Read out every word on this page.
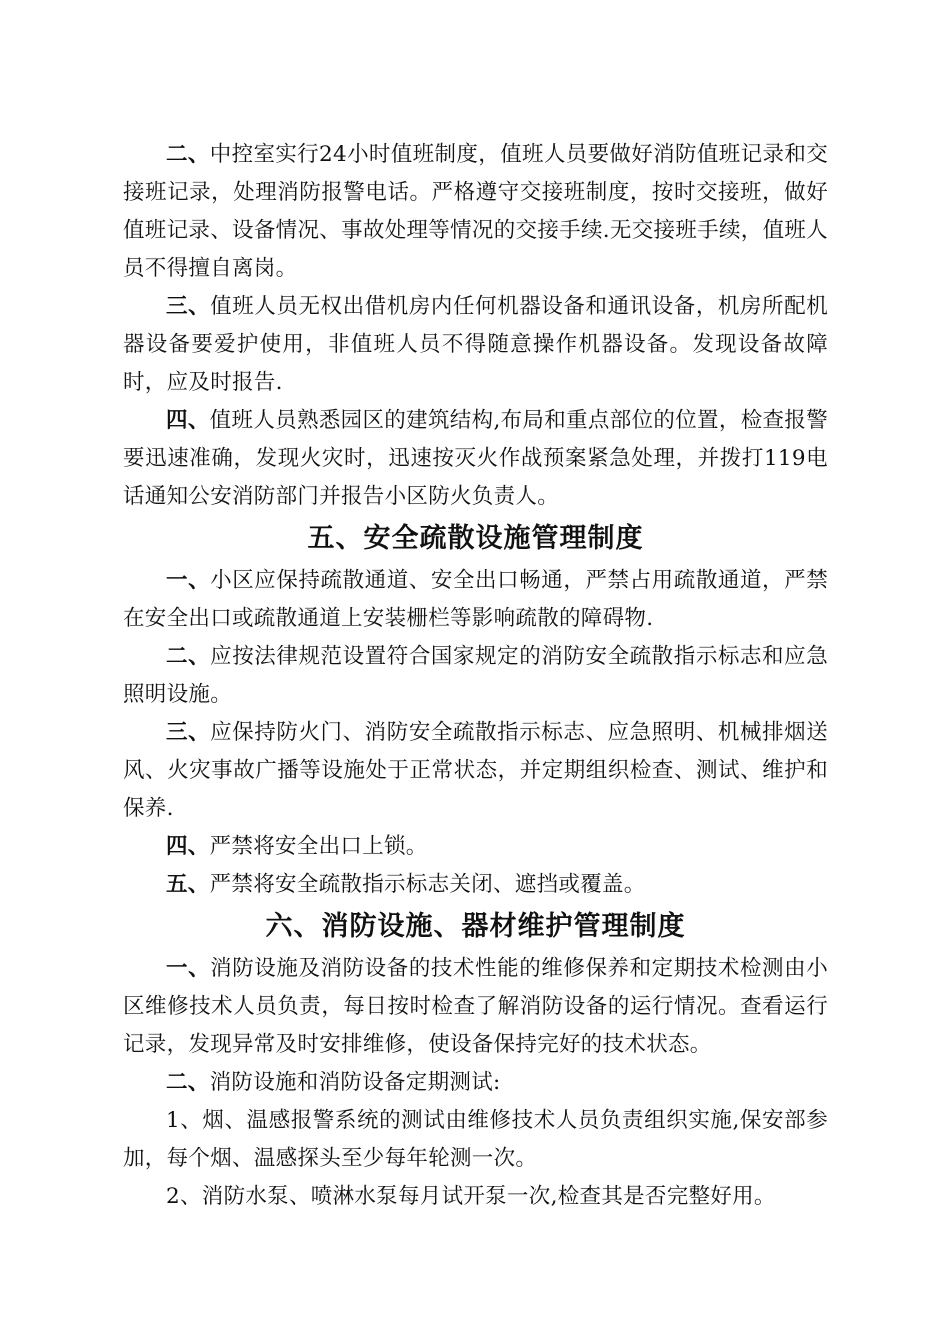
二、中控室实行24小时值班制度，值班人员要做好消防值班记录和交接班记录，处理消防报警电话。严格遵守交接班制度，按时交接班，做好值班记录、设备情况、事故处理等情况的交接手续.无交接班手续，值班人员不得擅自离岗。

三、值班人员无权出借机房内任何机器设备和通讯设备，机房所配机器设备要爱护使用，非值班人员不得随意操作机器设备。发现设备故障时，应及时报告.

四、值班人员熟悉园区的建筑结构,布局和重点部位的位置，检查报警要迅速准确，发现火灾时，迅速按灭火作战预案紧急处理，并拨打119电话通知公安消防部门并报告小区防火负责人。

五、安全疏散设施管理制度

一、小区应保持疏散通道、安全出口畅通，严禁占用疏散通道，严禁在安全出口或疏散通道上安装栅栏等影响疏散的障碍物.

二、应按法律规范设置符合国家规定的消防安全疏散指示标志和应急照明设施。

三、应保持防火门、消防安全疏散指示标志、应急照明、机械排烟送风、火灾事故广播等设施处于正常状态，并定期组织检查、测试、维护和保养.

四、严禁将安全出口上锁。

五、严禁将安全疏散指示标志关闭、遮挡或覆盖。

六、消防设施、器材维护管理制度

一、消防设施及消防设备的技术性能的维修保养和定期技术检测由小区维修技术人员负责，每日按时检查了解消防设备的运行情况。查看运行记录，发现异常及时安排维修，使设备保持完好的技术状态。

二、消防设施和消防设备定期测试:

1、烟、温感报警系统的测试由维修技术人员负责组织实施,保安部参加，每个烟、温感探头至少每年轮测一次。

2、消防水泵、喷淋水泵每月试开泵一次,检查其是否完整好用。
